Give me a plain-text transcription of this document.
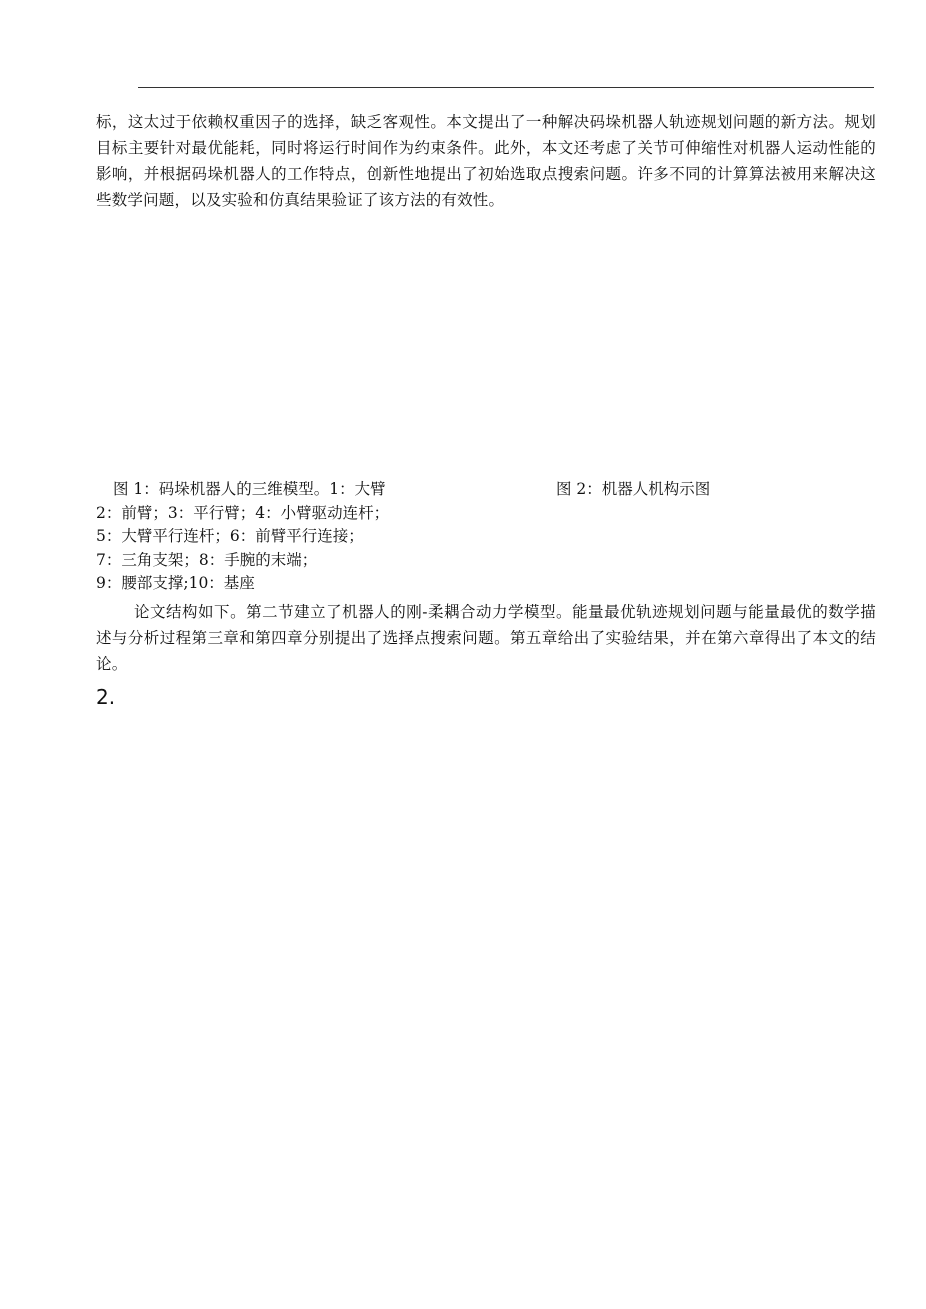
标，这太过于依赖权重因子的选择，缺乏客观性。本文提出了一种解决码垛机器人轨迹规划问题的新方法。规划目标主要针对最优能耗，同时将运行时间作为约束条件。此外，本文还考虑了关节可伸缩性对机器人运动性能的影响，并根据码垛机器人的工作特点，创新性地提出了初始选取点搜索问题。许多不同的计算算法被用来解决这些数学问题，以及实验和仿真结果验证了该方法的有效性。

图 1：码垛机器人的三维模型。1：大臂
2：前臂；3：平行臂；4：小臂驱动连杆；
5：大臂平行连杆；6：前臂平行连接；
7：三角支架；8：手腕的末端；
9：腰部支撑;10：基座
图 2：机器人机构示图

论文结构如下。第二节建立了机器人的刚-柔耦合动力学模型。能量最优轨迹规划问题与能量最优的数学描述与分析过程第三章和第四章分别提出了选择点搜索问题。第五章给出了实验结果，并在第六章得出了本文的结论。

2.
